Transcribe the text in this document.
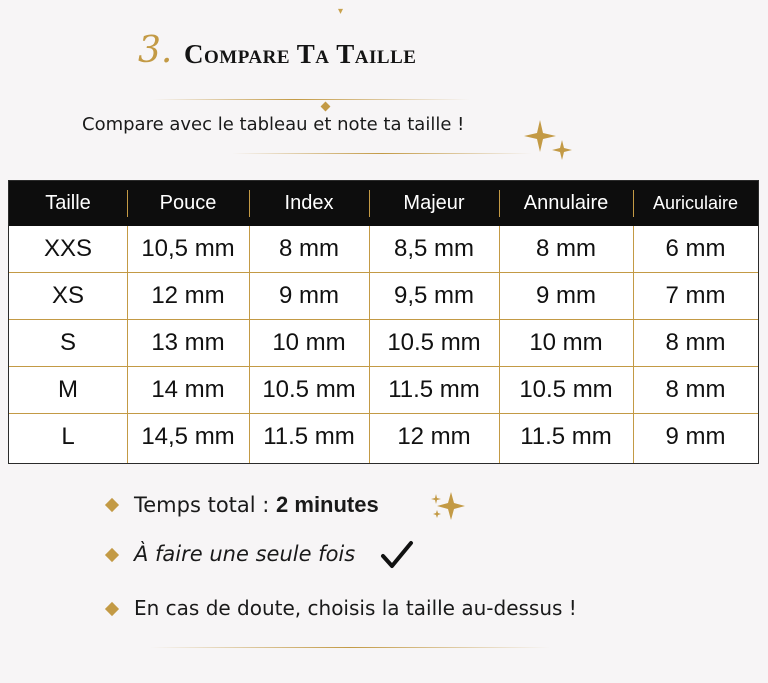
▾
3. Compare Ta Taille
Compare avec le tableau et note ta taille !
Taille	Pouce	Index	Majeur	Annulaire	Auriculaire
XXS	10,5 mm	8 mm	8,5 mm	8 mm	6 mm
XS	12 mm	9 mm	9,5 mm	9 mm	7 mm
S	13 mm	10 mm	10.5 mm	10 mm	8 mm
M	14 mm	10.5 mm	11.5 mm	10.5 mm	8 mm
L	14,5 mm	11.5 mm	12 mm	11.5 mm	9 mm
Temps total : 2 minutes
À faire une seule fois
En cas de doute, choisis la taille au-dessus !
